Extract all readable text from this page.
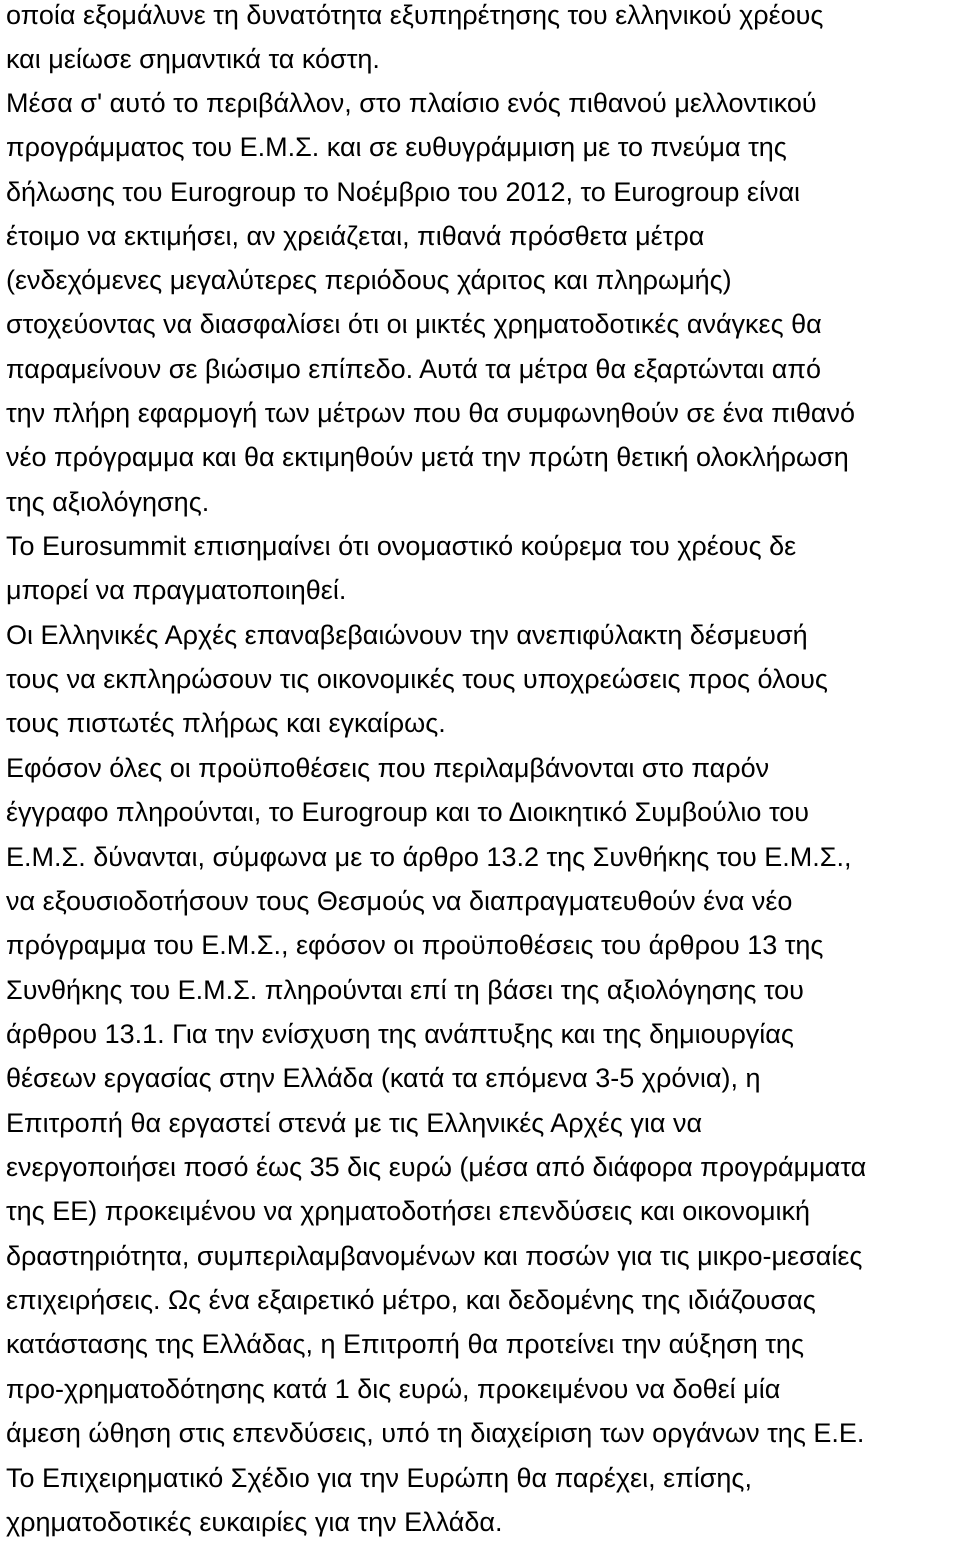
οποία εξομάλυνε τη δυνατότητα εξυπηρέτησης του ελληνικού χρέους
και μείωσε σημαντικά τα κόστη.
Μέσα σ' αυτό το περιβάλλον, στο πλαίσιο ενός πιθανού μελλοντικού
προγράμματος του Ε.Μ.Σ. και σε ευθυγράμμιση με το πνεύμα της
δήλωσης του Eurogroup το Νοέμβριο του 2012, το Eurogroup είναι
έτοιμο να εκτιμήσει, αν χρειάζεται, πιθανά πρόσθετα μέτρα
(ενδεχόμενες μεγαλύτερες περιόδους χάριτος και πληρωμής)
στοχεύοντας να διασφαλίσει ότι οι μικτές χρηματοδοτικές ανάγκες θα
παραμείνουν σε βιώσιμο επίπεδο. Αυτά τα μέτρα θα εξαρτώνται από
την πλήρη εφαρμογή των μέτρων που θα συμφωνηθούν σε ένα πιθανό
νέο πρόγραμμα και θα εκτιμηθούν μετά την πρώτη θετική ολοκλήρωση
της αξιολόγησης.
Το Eurosummit επισημαίνει ότι ονομαστικό κούρεμα του χρέους δε
μπορεί να πραγματοποιηθεί.
Οι Ελληνικές Αρχές επαναβεβαιώνουν την ανεπιφύλακτη δέσμευσή
τους να εκπληρώσουν τις οικονομικές τους υποχρεώσεις προς όλους
τους πιστωτές πλήρως και εγκαίρως.
Εφόσον όλες οι προϋποθέσεις που περιλαμβάνονται στο παρόν
έγγραφο πληρούνται, το Eurogroup και το Διοικητικό Συμβούλιο του
Ε.Μ.Σ. δύνανται, σύμφωνα με το άρθρο 13.2 της Συνθήκης του Ε.Μ.Σ.,
να εξουσιοδοτήσουν τους Θεσμούς να διαπραγματευθούν ένα νέο
πρόγραμμα του Ε.Μ.Σ., εφόσον οι προϋποθέσεις του άρθρου 13 της
Συνθήκης του Ε.Μ.Σ. πληρούνται επί τη βάσει της αξιολόγησης του
άρθρου 13.1. Για την ενίσχυση της ανάπτυξης και της δημιουργίας
θέσεων εργασίας στην Ελλάδα (κατά τα επόμενα 3-5 χρόνια), η
Επιτροπή θα εργαστεί στενά με τις Ελληνικές Αρχές για να
ενεργοποιήσει ποσό έως 35 δις ευρώ (μέσα από διάφορα προγράμματα
της ΕΕ) προκειμένου να χρηματοδοτήσει επενδύσεις και οικονομική
δραστηριότητα, συμπεριλαμβανομένων και ποσών για τις μικρο-μεσαίες
επιχειρήσεις. Ως ένα εξαιρετικό μέτρο, και δεδομένης της ιδιάζουσας
κατάστασης της Ελλάδας, η Επιτροπή θα προτείνει την αύξηση της
προ-χρηματοδότησης κατά 1 δις ευρώ, προκειμένου να δοθεί μία
άμεση ώθηση στις επενδύσεις, υπό τη διαχείριση των οργάνων της Ε.Ε.
Το Επιχειρηματικό Σχέδιο για την Ευρώπη θα παρέχει, επίσης,
χρηματοδοτικές ευκαιρίες για την Ελλάδα.
